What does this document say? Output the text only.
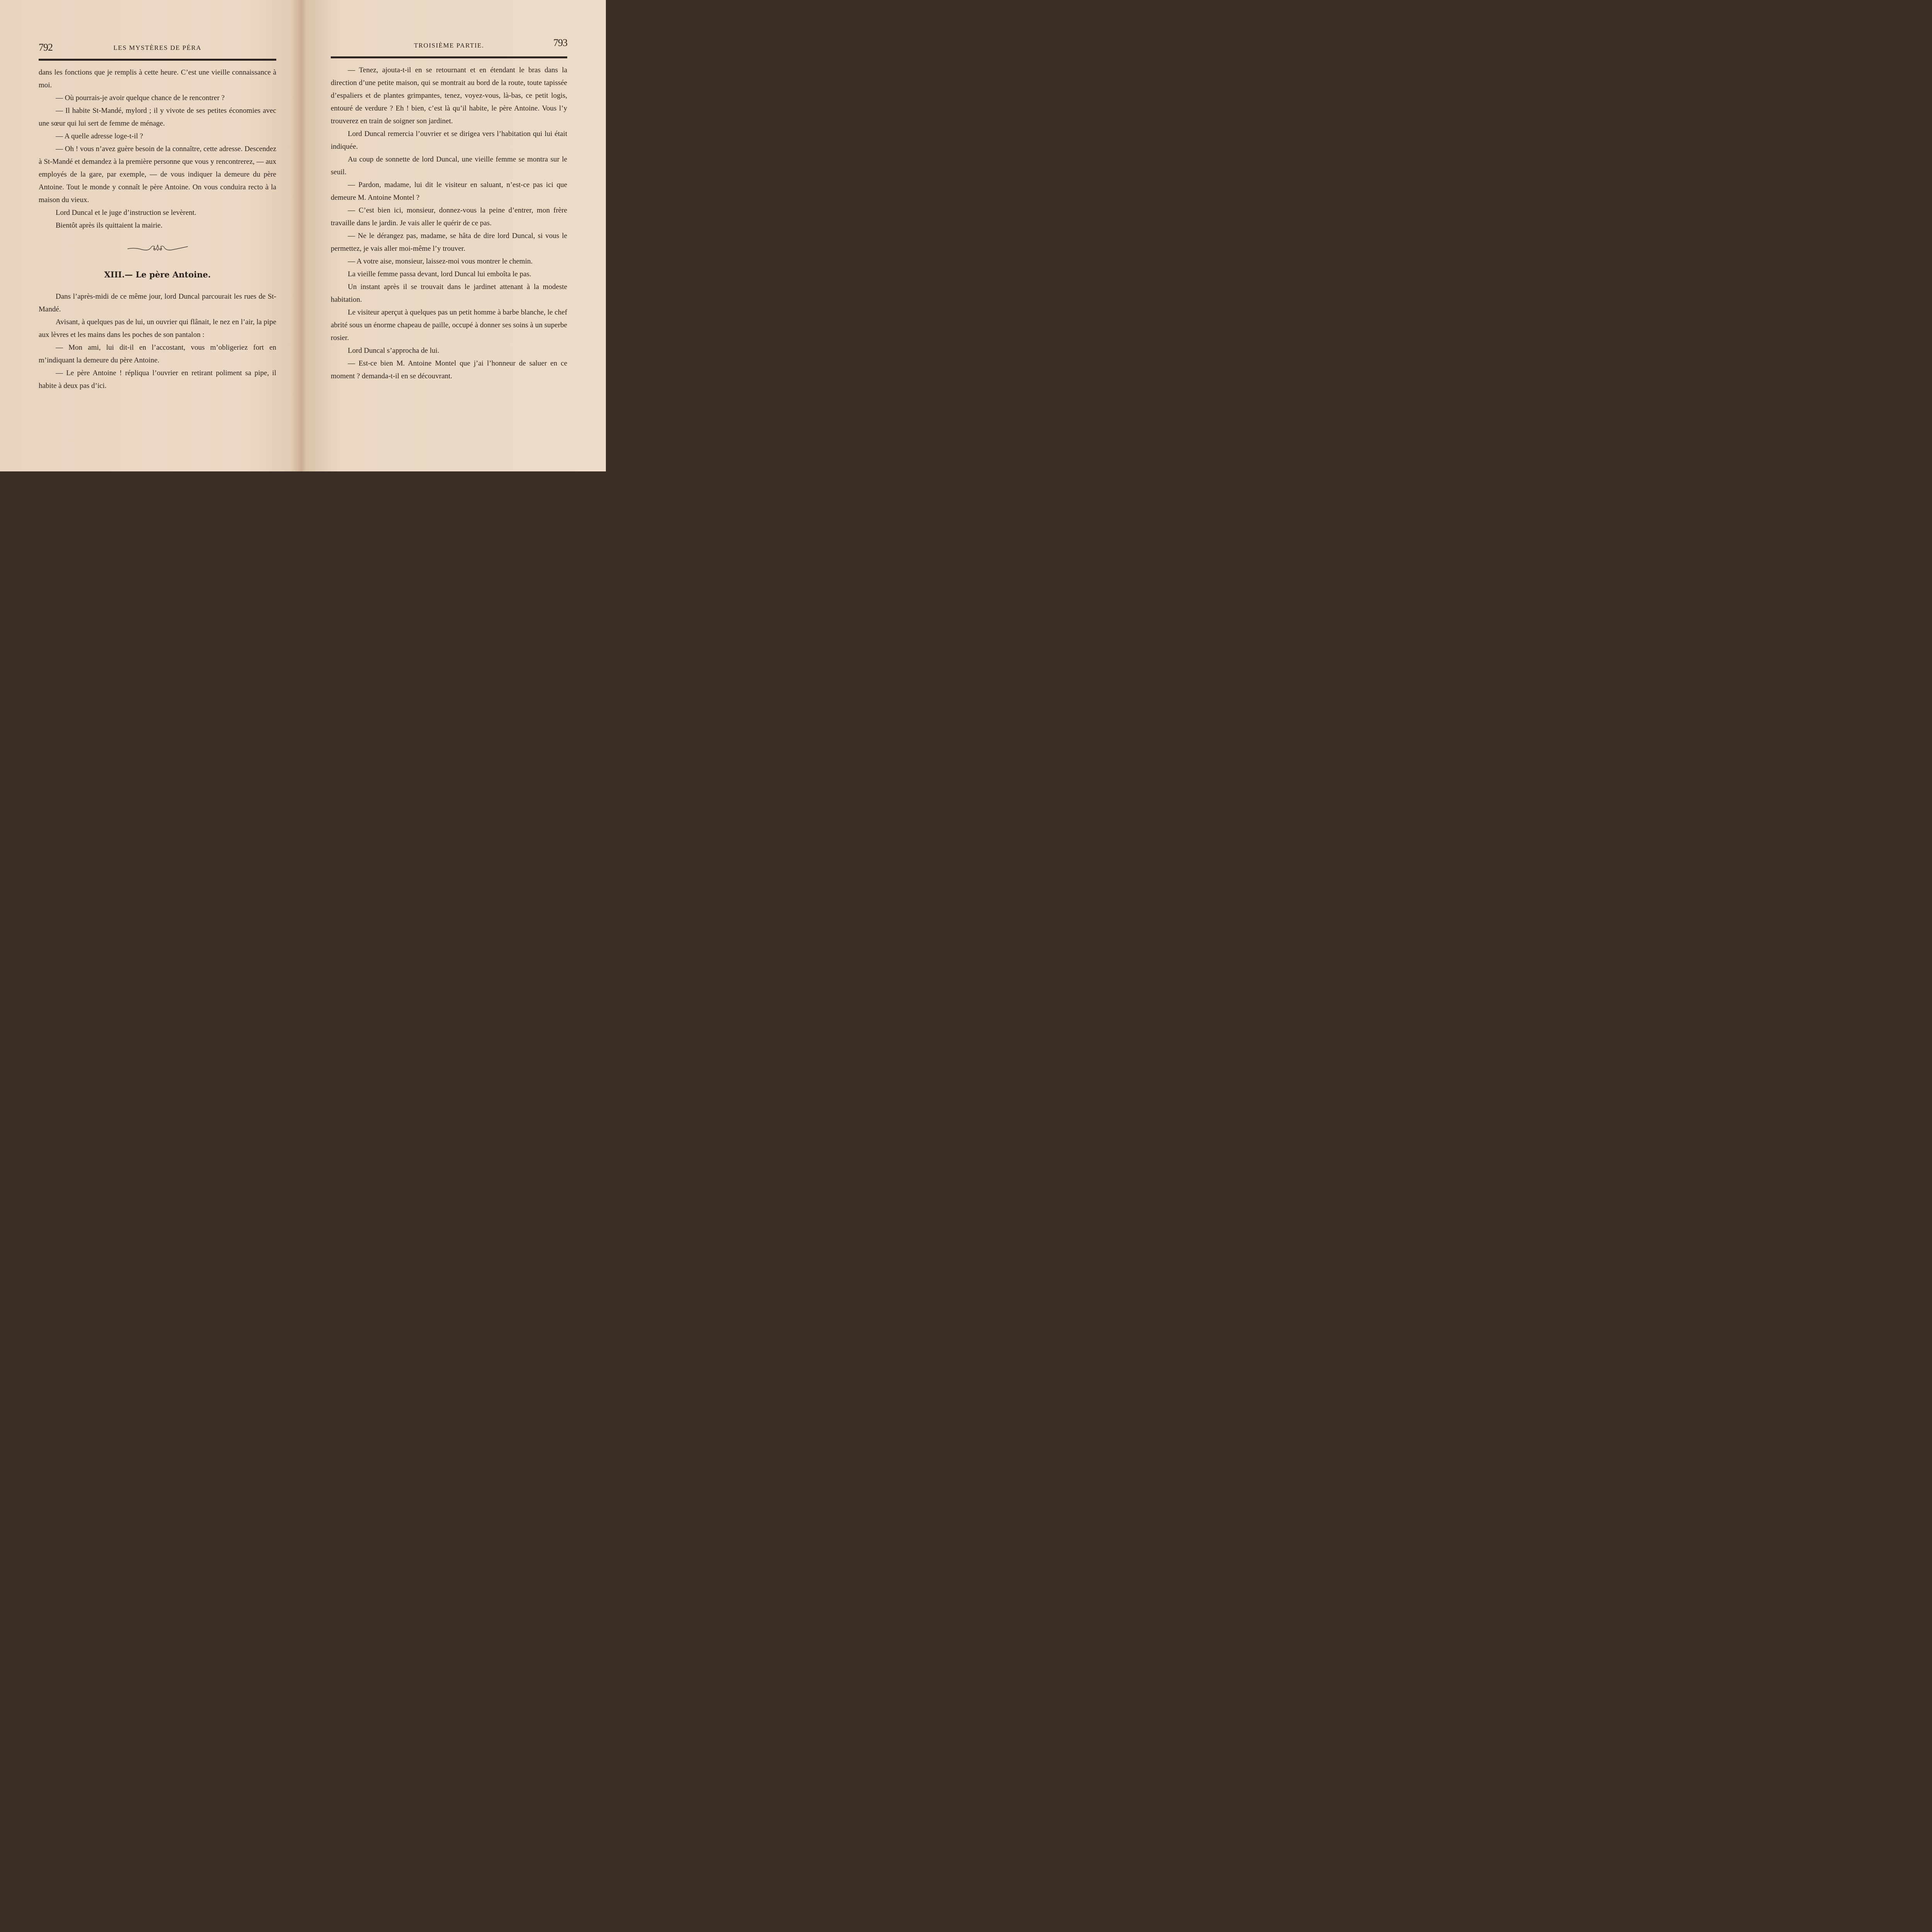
792	LES MYSTÈRES DE PÉRA

dans les fonctions que je remplis à cette heure. C’est une vieille connaissance à moi.

— Où pourrais-je avoir quelque chance de le rencontrer ?

— Il habite St-Mandé, mylord ; il y vivote de ses petites économies avec une sœur qui lui sert de femme de ménage.

— A quelle adresse loge-t-il ?

— Oh ! vous n’avez guère besoin de la connaître, cette adresse. Descendez à St-Mandé et demandez à la première personne que vous y rencontrerez, — aux employés de la gare, par exemple, — de vous indiquer la demeure du père Antoine. Tout le monde y connaît le père Antoine. On vous conduira recto à la maison du vieux.

Lord Duncal et le juge d’instruction se levèrent.

Bientôt après ils quittaient la mairie.

XIII.— Le père Antoine.

Dans l’après-midi de ce même jour, lord Duncal parcourait les rues de St-Mandé.

Avisant, à quelques pas de lui, un ouvrier qui flânait, le nez en l’air, la pipe aux lèvres et les mains dans les poches de son pantalon :

— Mon ami, lui dit-il en l’accostant, vous m’obligeriez fort en m’indiquant la demeure du père Antoine.

— Le père Antoine ! répliqua l’ouvrier en retirant poliment sa pipe, il habite à deux pas d’ici.

TROISIÈME PARTIE.	793

— Tenez, ajouta-t-il en se retournant et en étendant le bras dans la direction d’une petite maison, qui se montrait au bord de la route, toute tapissée d’espaliers et de plantes grimpantes, tenez, voyez-vous, là-bas, ce petit logis, entouré de verdure ? Eh ! bien, c’est là qu’il habite, le père Antoine. Vous l’y trouverez en train de soigner son jardinet.

Lord Duncal remercia l’ouvrier et se dirigea vers l’habitation qui lui était indiquée.

Au coup de sonnette de lord Duncal, une vieille femme se montra sur le seuil.

— Pardon, madame, lui dit le visiteur en saluant, n’est-ce pas ici que demeure M. Antoine Montel ?

— C’est bien ici, monsieur, donnez-vous la peine d’entrer, mon frère travaille dans le jardin. Je vais aller le quérir de ce pas.

— Ne le dérangez pas, madame, se hâta de dire lord Duncal, si vous le permettez, je vais aller moi-même l’y trouver.

— A votre aise, monsieur, laissez-moi vous montrer le chemin.

La vieille femme passa devant, lord Duncal lui emboîta le pas.

Un instant après il se trouvait dans le jardinet attenant à la modeste habitation.

Le visiteur aperçut à quelques pas un petit homme à barbe blanche, le chef abrité sous un énorme chapeau de paille, occupé à donner ses soins à un superbe rosier.

Lord Duncal s’approcha de lui.

— Est-ce bien M. Antoine Montel que j’ai l’honneur de saluer en ce moment ? demanda-t-il en se découvrant.
